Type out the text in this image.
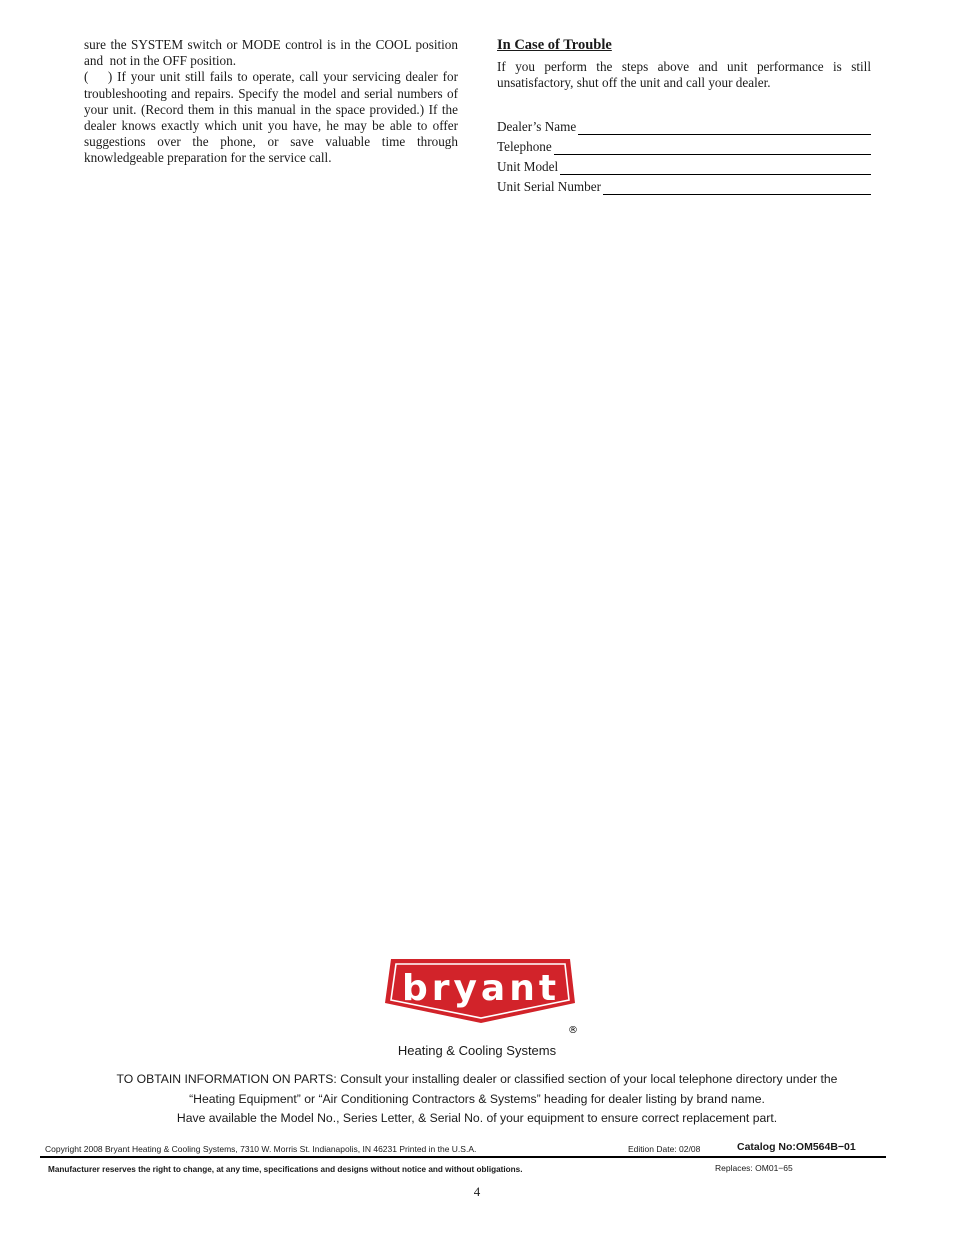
sure the SYSTEM switch or MODE control is in the COOL position  and  not in the OFF position.

(    ) If your unit still fails to operate, call your servicing dealer for troubleshooting and repairs. Specify the model and serial numbers of your unit. (Record them in this manual in the space provided.) If the dealer knows exactly which unit you have, he may be able to offer suggestions over the phone, or save valuable time through knowledgeable preparation for the service call.

In Case of Trouble

If you perform the steps above and unit performance is still unsatisfactory, shut off the unit and call your dealer.

Dealer’s Name
Telephone
Unit Model
Unit Serial Number
bryant
®
Heating & Cooling Systems
TO OBTAIN INFORMATION ON PARTS: Consult your installing dealer or classified section of your local telephone directory under the
“Heating Equipment” or “Air Conditioning Contractors & Systems” heading for dealer listing by brand name.
Have available the Model No., Series Letter, & Serial No. of your equipment to ensure correct replacement part.
Copyright 2008 Bryant Heating & Cooling Systems, 7310 W. Morris St. Indianapolis, IN 46231 Printed in the U.S.A.	Edition Date: 02/08	Catalog No:OM564B−01
Manufacturer reserves the right to change, at any time, specifications and designs without notice and without obligations.	Replaces: OM01−65
4
